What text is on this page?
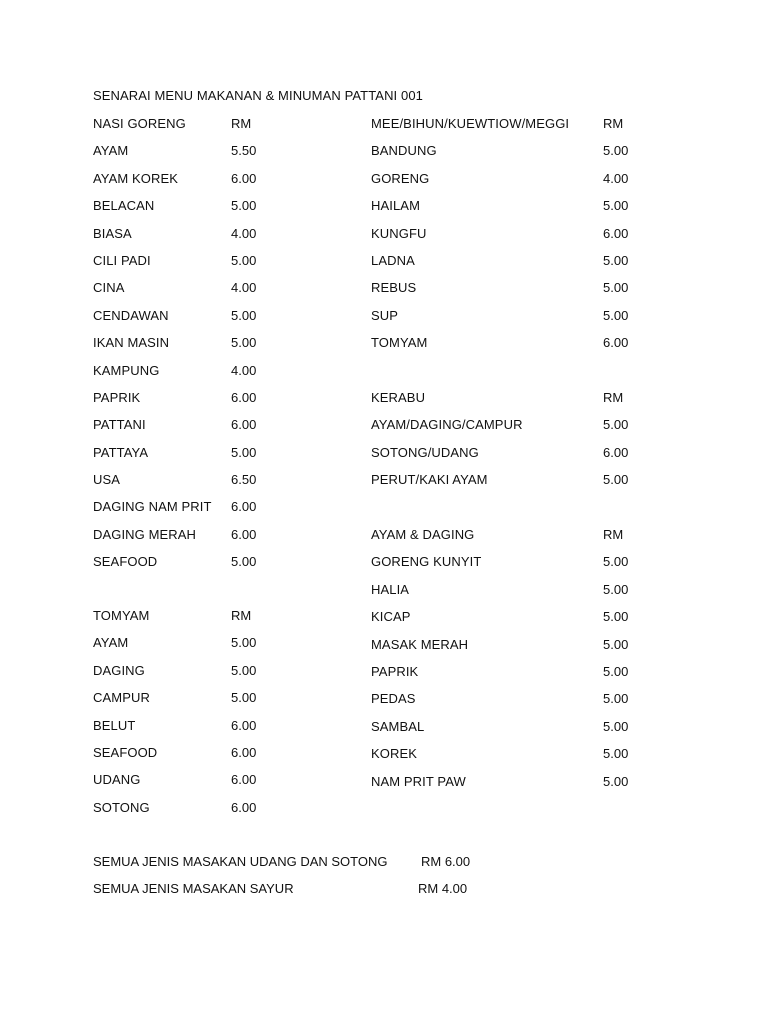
SENARAI MENU MAKANAN & MINUMAN PATTANI 001
NASI GORENG	RM
AYAM	5.50
AYAM KOREK	6.00
BELACAN	5.00
BIASA	4.00
CILI PADI	5.00
CINA	4.00
CENDAWAN	5.00
IKAN MASIN	5.00
KAMPUNG	4.00
PAPRIK	6.00
PATTANI	6.00
PATTAYA	5.00
USA	6.50
DAGING NAM PRIT 6.00
DAGING MERAH	6.00
SEAFOOD	5.00
TOMYAM	RM
AYAM	5.00
DAGING	5.00
CAMPUR	5.00
BELUT	6.00
SEAFOOD	6.00
UDANG	6.00
SOTONG	6.00
MEE/BIHUN/KUEWTIOW/MEGGI	RM
BANDUNG	5.00
GORENG	4.00
HAILAM	5.00
KUNGFU	6.00
LADNA	5.00
REBUS	5.00
SUP	5.00
TOMYAM	6.00
KERABU	RM
AYAM/DAGING/CAMPUR	5.00
SOTONG/UDANG	6.00
PERUT/KAKI AYAM	5.00
AYAM & DAGING	RM
GORENG KUNYIT	5.00
HALIA	5.00
KICAP	5.00
MASAK MERAH	5.00
PAPRIK	5.00
PEDAS	5.00
SAMBAL	5.00
KOREK	5.00
NAM PRIT PAW	5.00
SEMUA JENIS MASAKAN UDANG DAN SOTONG	RM 6.00
SEMUA JENIS MASAKAN SAYUR	RM 4.00
